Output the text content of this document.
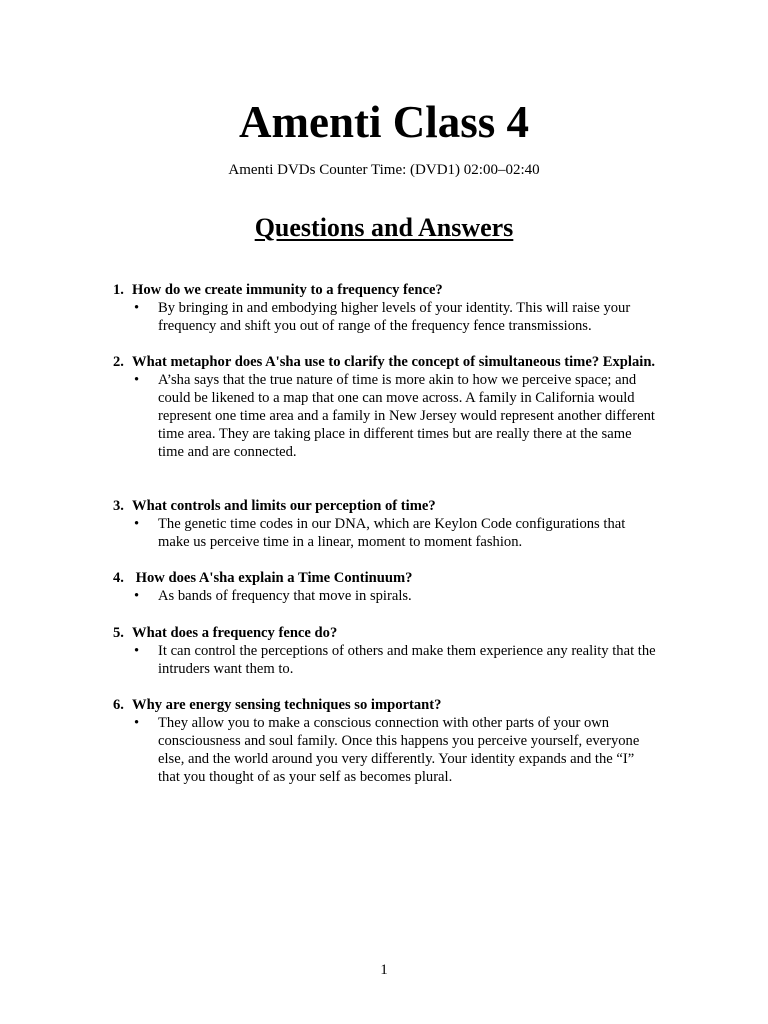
Amenti Class 4
Amenti DVDs Counter Time: (DVD1) 02:00–02:40
Questions and Answers

1. How do we create immunity to a frequency fence?

• By bringing in and embodying higher levels of your identity. This will raise your frequency and shift you out of range of the frequency fence transmissions.

2. What metaphor does A'sha use to clarify the concept of simultaneous time? Explain.

• A’sha says that the true nature of time is more akin to how we perceive space; and could be likened to a map that one can move across. A family in California would represent one time area and a family in New Jersey would represent another different time area. They are taking place in different times but are really there at the same time and are connected.

3. What controls and limits our perception of time?

• The genetic time codes in our DNA, which are Keylon Code configurations that make us perceive time in a linear, moment to moment fashion.

4. How does A'sha explain a Time Continuum?

• As bands of frequency that move in spirals.

5. What does a frequency fence do?

• It can control the perceptions of others and make them experience any reality that the intruders want them to.

6. Why are energy sensing techniques so important?

• They allow you to make a conscious connection with other parts of your own consciousness and soul family. Once this happens you perceive yourself, everyone else, and the world around you very differently. Your identity expands and the “I” that you thought of as your self as becomes plural.
1
